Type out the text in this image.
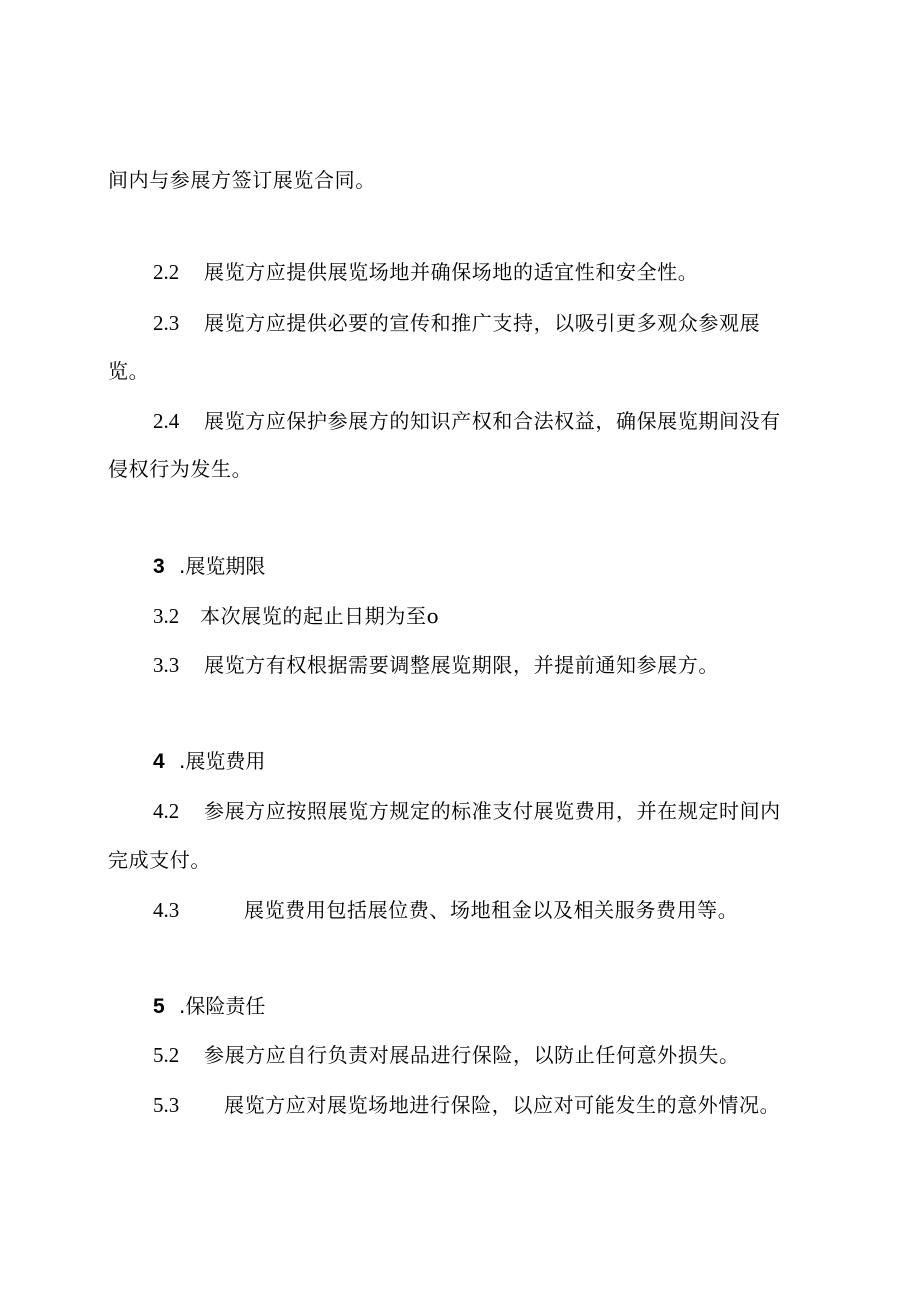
间内与参展方签订展览合同。

2.2 展览方应提供展览场地并确保场地的适宜性和安全性。

2.3 展览方应提供必要的宣传和推广支持，以吸引更多观众参观展

览。

2.4 展览方应保护参展方的知识产权和合法权益，确保展览期间没有

侵权行为发生。

3 .展览期限

3.2 本次展览的起止日期为至o

3.3 展览方有权根据需要调整展览期限，并提前通知参展方。

4 .展览费用

4.2 参展方应按照展览方规定的标准支付展览费用，并在规定时间内

完成支付。

4.3	展览费用包括展位费、场地租金以及相关服务费用等。

5 .保险责任

5.2 参展方应自行负责对展品进行保险，以防止任何意外损失。

5.3 展览方应对展览场地进行保险，以应对可能发生的意外情况。
